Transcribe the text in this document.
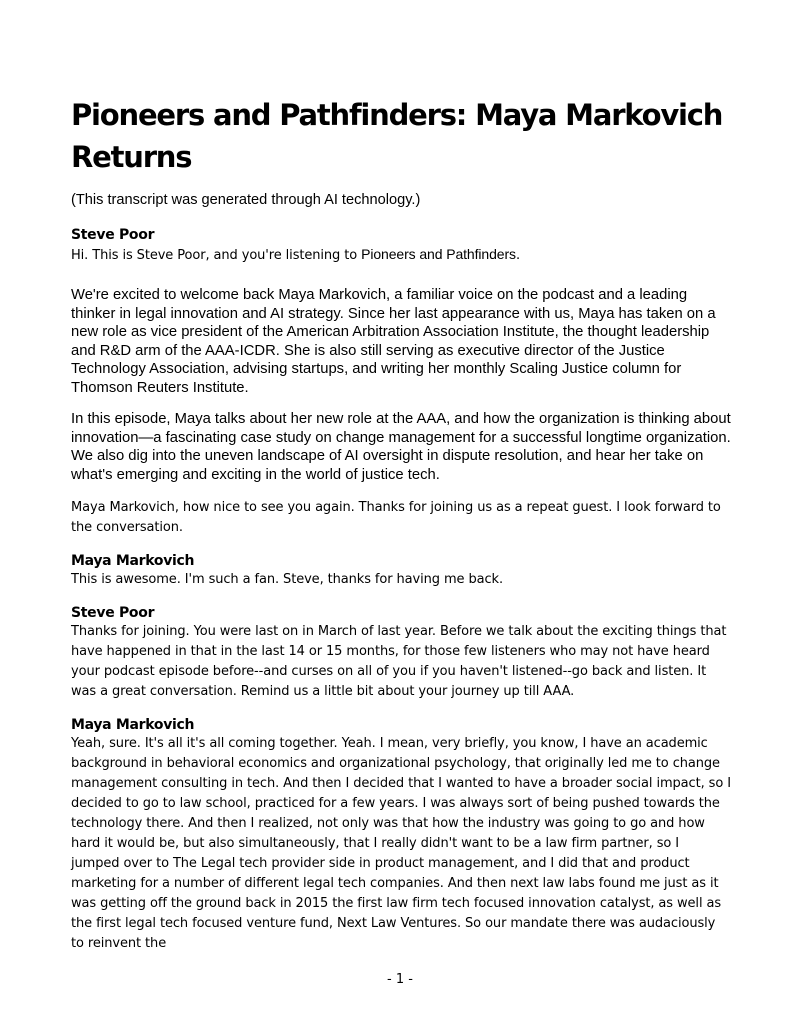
Pioneers and Pathfinders: Maya Markovich Returns

(This transcript was generated through AI technology.)

Steve Poor

Hi. This is Steve Poor, and you're listening to Pioneers and Pathfinders.

We're excited to welcome back Maya Markovich, a familiar voice on the podcast and a leading thinker in legal innovation and AI strategy. Since her last appearance with us, Maya has taken on a new role as vice president of the American Arbitration Association Institute, the thought leadership and R&D arm of the AAA-ICDR. She is also still serving as executive director of the Justice Technology Association, advising startups, and writing her monthly Scaling Justice column for Thomson Reuters Institute.

In this episode, Maya talks about her new role at the AAA, and how the organization is thinking about innovation—a fascinating case study on change management for a successful longtime organization. We also dig into the uneven landscape of AI oversight in dispute resolution, and hear her take on what's emerging and exciting in the world of justice tech.

Maya Markovich, how nice to see you again. Thanks for joining us as a repeat guest. I look forward to the conversation.

Maya Markovich

This is awesome. I'm such a fan. Steve, thanks for having me back.

Steve Poor

Thanks for joining. You were last on in March of last year. Before we talk about the exciting things that have happened in that in the last 14 or 15 months, for those few listeners who may not have heard your podcast episode before--and curses on all of you if you haven't listened--go back and listen. It was a great conversation. Remind us a little bit about your journey up till AAA.

Maya Markovich

Yeah, sure. It's all it's all coming together. Yeah. I mean, very briefly, you know, I have an academic background in behavioral economics and organizational psychology, that originally led me to change management consulting in tech. And then I decided that I wanted to have a broader social impact, so I decided to go to law school, practiced for a few years. I was always sort of being pushed towards the technology there. And then I realized, not only was that how the industry was going to go and how hard it would be, but also simultaneously, that I really didn't want to be a law firm partner, so I jumped over to The Legal tech provider side in product management, and I did that and product marketing for a number of different legal tech companies. And then next law labs found me just as it was getting off the ground back in 2015 the first law firm tech focused innovation catalyst, as well as the first legal tech focused venture fund, Next Law Ventures. So our mandate there was audaciously to reinvent the

- 1 -
